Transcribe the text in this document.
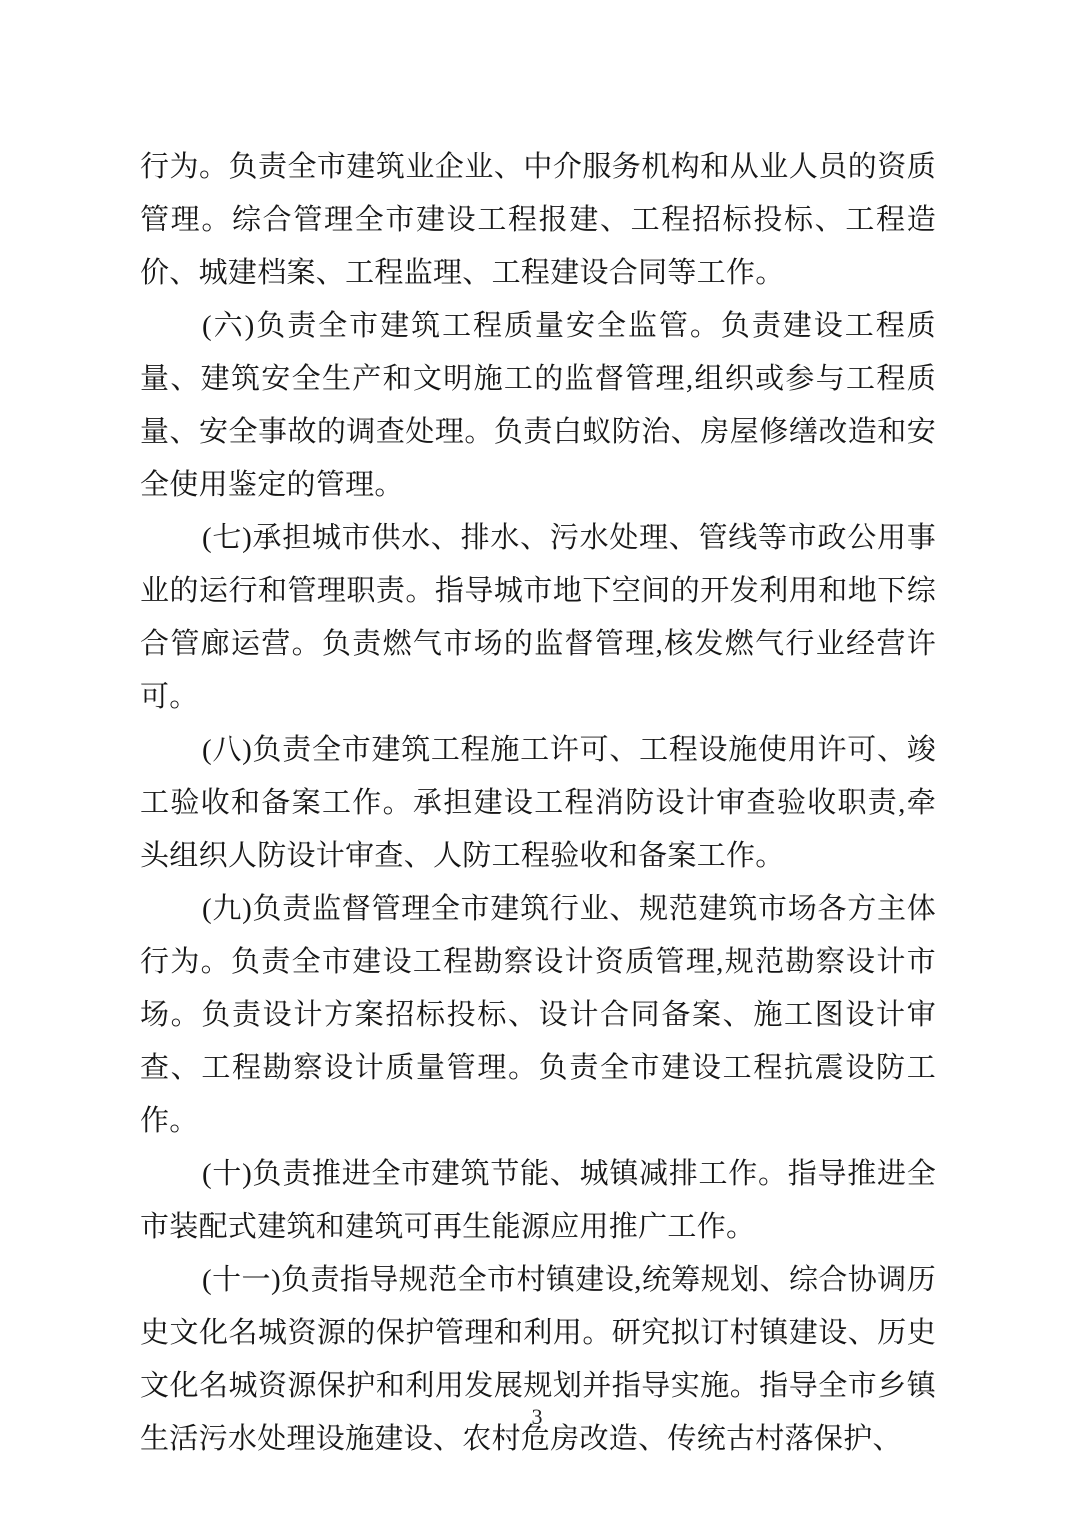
行为。负责全市建筑业企业、中介服务机构和从业人员的资质管理。综合管理全市建设工程报建、工程招标投标、工程造价、城建档案、工程监理、工程建设合同等工作。

(六)负责全市建筑工程质量安全监管。负责建设工程质量、建筑安全生产和文明施工的监督管理,组织或参与工程质量、安全事故的调查处理。负责白蚁防治、房屋修缮改造和安全使用鉴定的管理。

(七)承担城市供水、排水、污水处理、管线等市政公用事业的运行和管理职责。指导城市地下空间的开发利用和地下综合管廊运营。负责燃气市场的监督管理,核发燃气行业经营许可。

(八)负责全市建筑工程施工许可、工程设施使用许可、竣工验收和备案工作。承担建设工程消防设计审查验收职责,牵头组织人防设计审查、人防工程验收和备案工作。

(九)负责监督管理全市建筑行业、规范建筑市场各方主体行为。负责全市建设工程勘察设计资质管理,规范勘察设计市场。负责设计方案招标投标、设计合同备案、施工图设计审查、工程勘察设计质量管理。负责全市建设工程抗震设防工作。

(十)负责推进全市建筑节能、城镇减排工作。指导推进全市装配式建筑和建筑可再生能源应用推广工作。

(十一)负责指导规范全市村镇建设,统筹规划、综合协调历史文化名城资源的保护管理和利用。研究拟订村镇建设、历史文化名城资源保护和利用发展规划并指导实施。指导全市乡镇生活污水处理设施建设、农村危房改造、传统古村落保护、

3
